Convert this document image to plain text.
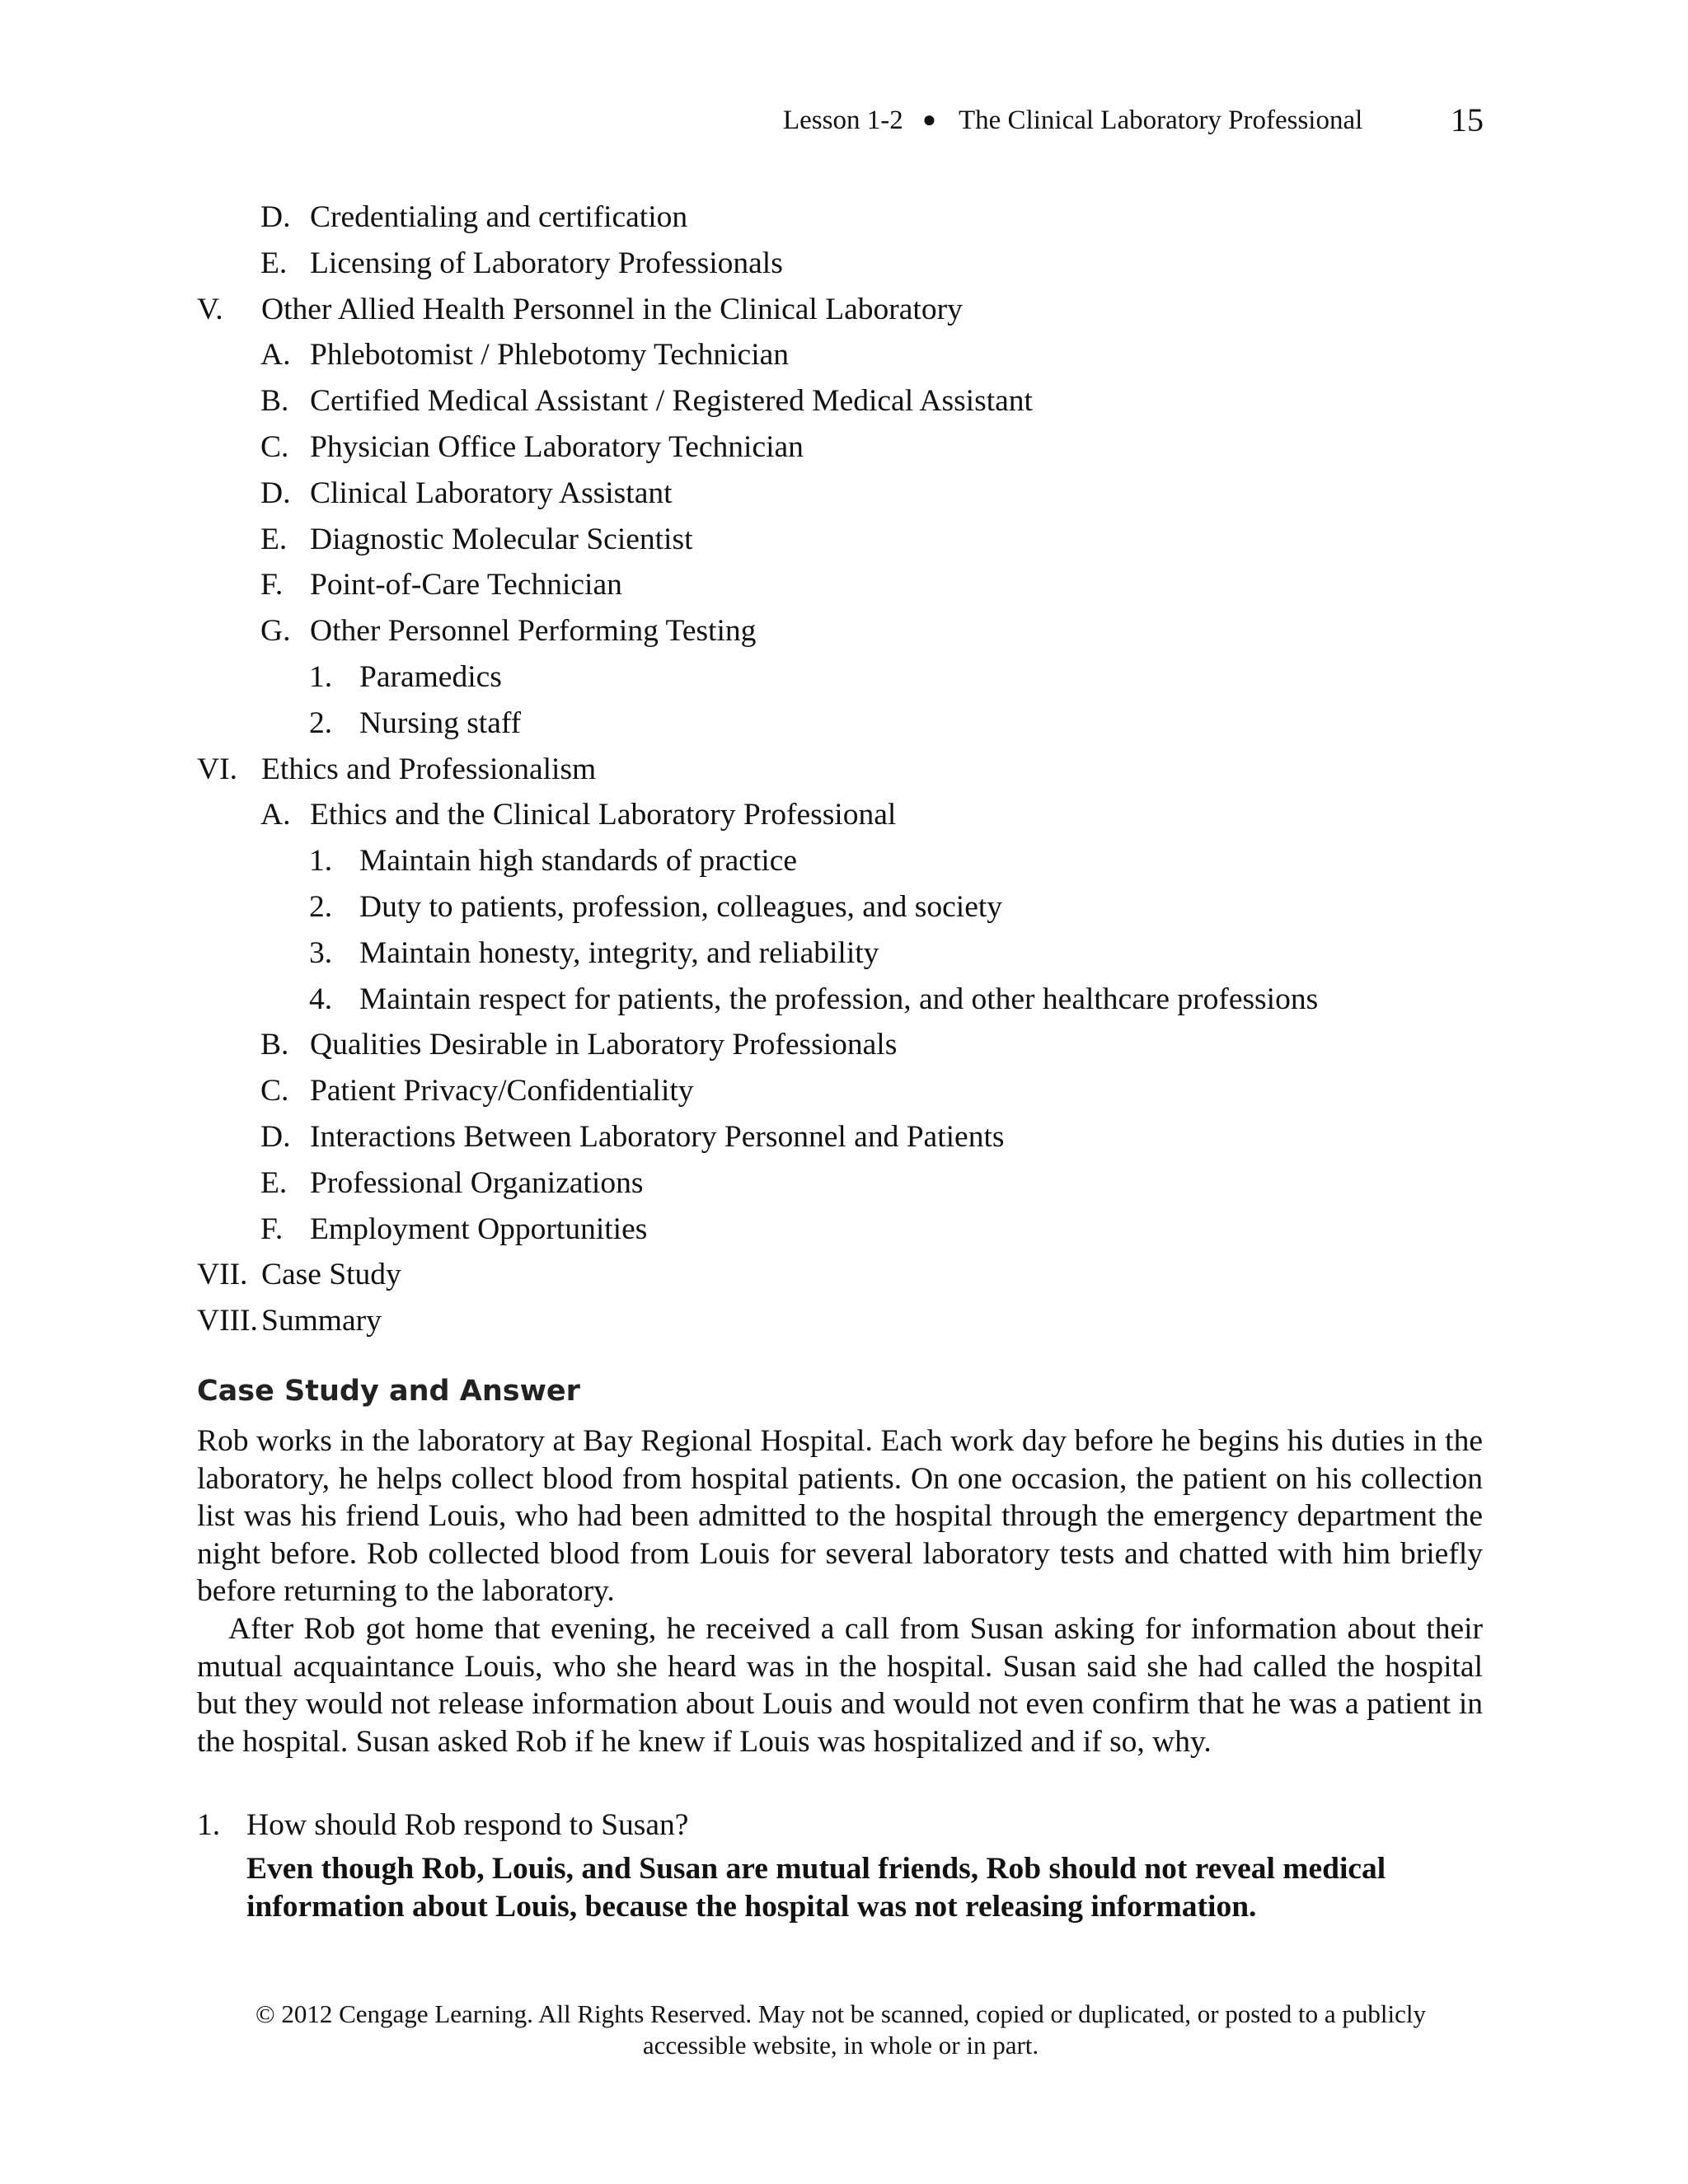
Lesson 1-2 ● The Clinical Laboratory Professional	15
D. Credentialing and certification
E. Licensing of Laboratory Professionals
V. Other Allied Health Personnel in the Clinical Laboratory
A. Phlebotomist / Phlebotomy Technician
B. Certified Medical Assistant / Registered Medical Assistant
C. Physician Office Laboratory Technician
D. Clinical Laboratory Assistant
E. Diagnostic Molecular Scientist
F. Point-of-Care Technician
G. Other Personnel Performing Testing
1. Paramedics
2. Nursing staff
VI. Ethics and Professionalism
A. Ethics and the Clinical Laboratory Professional
1. Maintain high standards of practice
2. Duty to patients, profession, colleagues, and society
3. Maintain honesty, integrity, and reliability
4. Maintain respect for patients, the profession, and other healthcare professions
B. Qualities Desirable in Laboratory Professionals
C. Patient Privacy/Confidentiality
D. Interactions Between Laboratory Personnel and Patients
E. Professional Organizations
F. Employment Opportunities
VII. Case Study
VIII. Summary
Case Study and Answer

Rob works in the laboratory at Bay Regional Hospital. Each work day before he begins his duties in the laboratory, he helps collect blood from hospital patients. On one occasion, the patient on his collection list was his friend Louis, who had been admitted to the hospital through the emergency department the night before. Rob collected blood from Louis for several laboratory tests and chatted with him briefly before returning to the laboratory.

After Rob got home that evening, he received a call from Susan asking for information about their mutual acquaintance Louis, who she heard was in the hospital. Susan said she had called the hospital but they would not release information about Louis and would not even confirm that he was a patient in the hospital. Susan asked Rob if he knew if Louis was hospitalized and if so, why.

1. How should Rob respond to Susan?
Even though Rob, Louis, and Susan are mutual friends, Rob should not reveal medical information about Louis, because the hospital was not releasing information.
© 2012 Cengage Learning. All Rights Reserved. May not be scanned, copied or duplicated, or posted to a publicly
accessible website, in whole or in part.
